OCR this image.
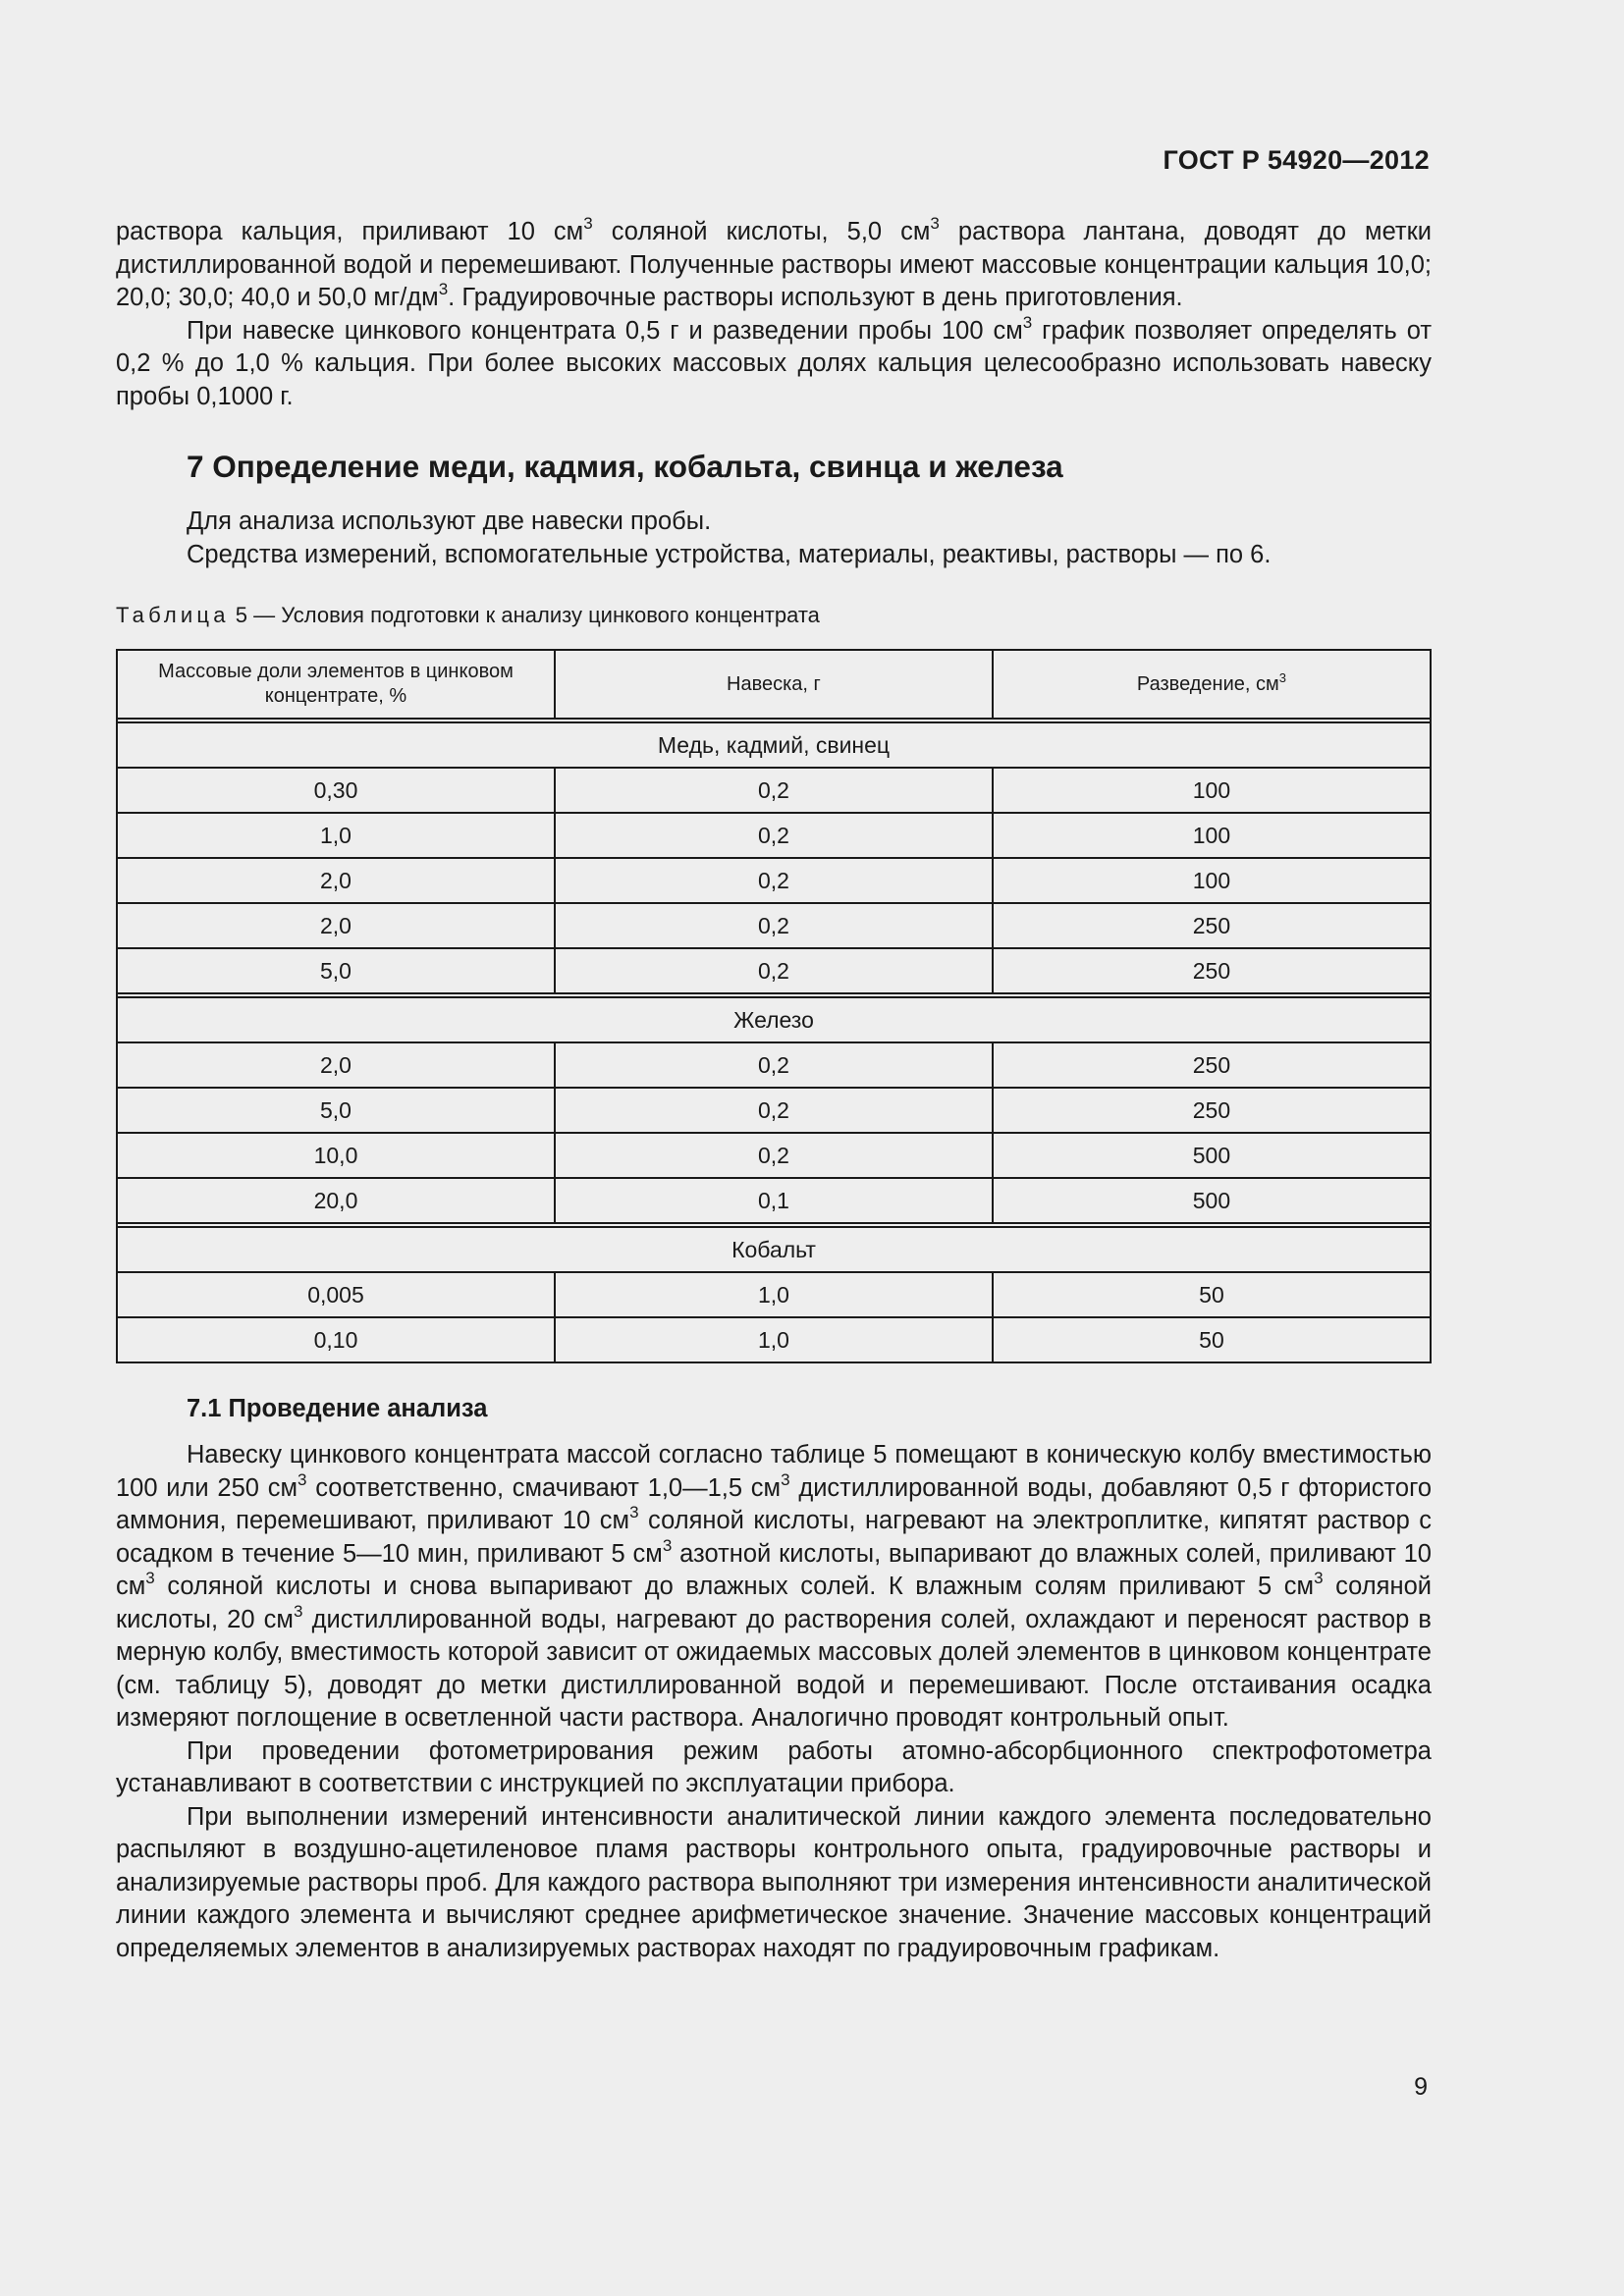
ГОСТ Р 54920—2012

раствора кальция, приливают 10 $см^3$ соляной кислоты, 5,0 $см^3$ раствора лантана, доводят до метки дистиллированной водой и перемешивают. Полученные растворы имеют массовые концентрации кальция 10,0; 20,0; 30,0; 40,0 и 50,0 $мг/дм^3$. Градуировочные растворы используют в день приготовления.

При навеске цинкового концентрата 0,5 г и разведении пробы 100 $см^3$ график позволяет определять от 0,2 % до 1,0 % кальция. При более высоких массовых долях кальция целесообразно использовать навеску пробы 0,1000 г.

7 Определение меди, кадмия, кобальта, свинца и железа

Для анализа используют две навески пробы.

Средства измерений, вспомогательные устройства, материалы, реактивы, растворы — по 6.

Таблица 5 — Условия подготовки к анализу цинкового концентрата
Массовые доли элементов в цинковом концентрате, %	Навеска, г	Разведение, $см^3$

Медь, кадмий, свинец		
0,30	0,2	100
1,0	0,2	100
2,0	0,2	100
2,0	0,2	250
5,0	0,2	250

Железо		
2,0	0,2	250
5,0	0,2	250
10,0	0,2	500
20,0	0,1	500

Кобальт		
0,005	1,0	50
0,10	1,0	50
7.1 Проведение анализа

Навеску цинкового концентрата массой согласно таблице 5 помещают в коническую колбу вместимостью 100 или 250 $см^3$ соответственно, смачивают 1,0—1,5 $см^3$ дистиллированной воды, добавляют 0,5 г фтористого аммония, перемешивают, приливают 10 $см^3$ соляной кислоты, нагревают на электроплитке, кипятят раствор с осадком в течение 5—10 мин, приливают 5 $см^3$ азотной кислоты, выпаривают до влажных солей, приливают 10 $см^3$ соляной кислоты и снова выпаривают до влажных солей. К влажным солям приливают 5 $см^3$ соляной кислоты, 20 $см^3$ дистиллированной воды, нагревают до растворения солей, охлаждают и переносят раствор в мерную колбу, вместимость которой зависит от ожидаемых массовых долей элементов в цинковом концентрате (см. таблицу 5), доводят до метки дистиллированной водой и перемешивают. После отстаивания осадка измеряют поглощение в осветленной части раствора. Аналогично проводят контрольный опыт.

При проведении фотометрирования режим работы атомно-абсорбционного спектрофотометра устанавливают в соответствии с инструкцией по эксплуатации прибора.

При выполнении измерений интенсивности аналитической линии каждого элемента последовательно распыляют в воздушно-ацетиленовое пламя растворы контрольного опыта, градуировочные растворы и анализируемые растворы проб. Для каждого раствора выполняют три измерения интенсивности аналитической линии каждого элемента и вычисляют среднее арифметическое значение. Значение массовых концентраций определяемых элементов в анализируемых растворах находят по градуировочным графикам.

9
